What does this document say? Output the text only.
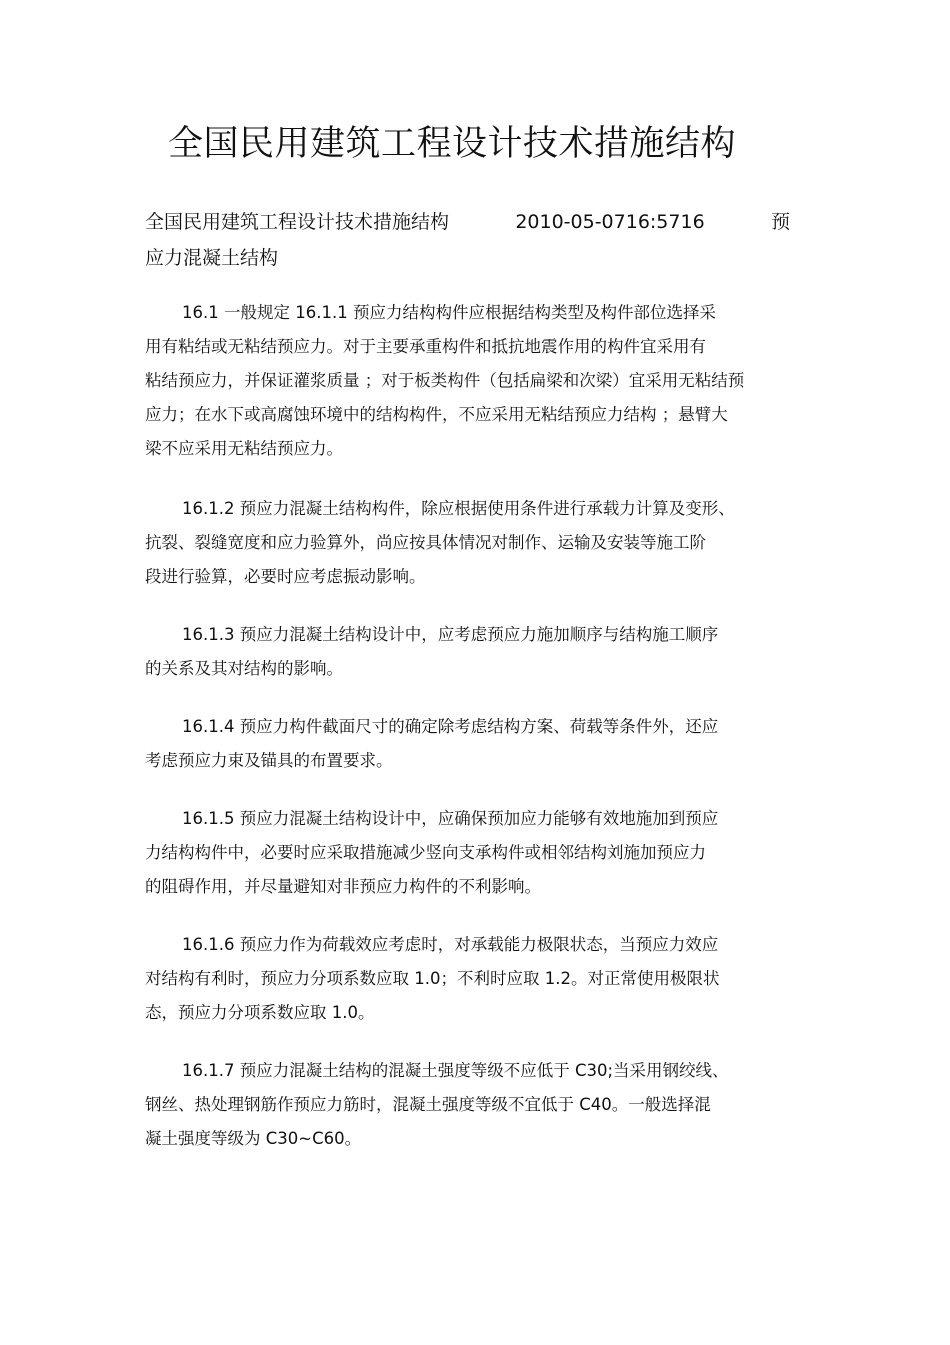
全国民用建筑工程设计技术措施结构
全国民用建筑工程设计技术措施结构	2010-05-0716:5716	预
应力混凝土结构
16.1 一般规定 16.1.1 预应力结构构件应根据结构类型及构件部位选择采
用有粘结或无粘结预应力。对于主要承重构件和抵抗地震作用的构件宜采用有
粘结预应力，并保证灌浆质量 ；对于板类构件（包括扁梁和次梁）宜采用无粘结预
应力；在水下或高腐蚀环境中的结构构件，不应采用无粘结预应力结构 ；悬臂大
梁不应采用无粘结预应力。
16.1.2 预应力混凝土结构构件，除应根据使用条件进行承载力计算及变形、
抗裂、裂缝宽度和应力验算外，尚应按具体情况对制作、运输及安装等施工阶
段进行验算，必要时应考虑振动影响。
16.1.3 预应力混凝土结构设计中，应考虑预应力施加顺序与结构施工顺序
的关系及其对结构的影响。
16.1.4 预应力构件截面尺寸的确定除考虑结构方案、荷载等条件外，还应
考虑预应力束及锚具的布置要求。
16.1.5 预应力混凝土结构设计中，应确保预加应力能够有效地施加到预应
力结构构件中，必要时应采取措施减少竖向支承构件或相邻结构刘施加预应力
的阻碍作用，并尽量避知对非预应力构件的不利影响。
16.1.6 预应力作为荷载效应考虑时，对承载能力极限状态，当预应力效应
对结构有利时，预应力分项系数应取 1.0；不利时应取 1.2。对正常使用极限状
态，预应力分项系数应取 1.0。
16.1.7 预应力混凝土结构的混凝土强度等级不应低于 C30;当采用钢绞线、
钢丝、热处理钢筋作预应力筋时，混凝土强度等级不宜低于 C40。一般选择混
凝土强度等级为 C30~C60。
